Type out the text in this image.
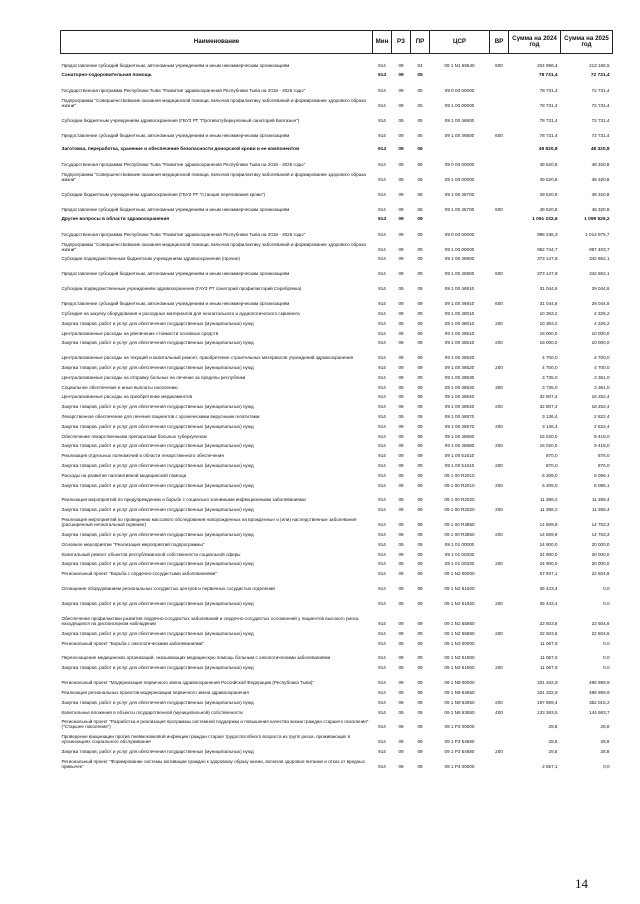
Наименование	Мин	РЗ	ПР	ЦСР	ВР	Сумма на 2024 год	Сумма на 2025 год
Предоставление субсидий бюджетным, автономным учреждениям и иным некоммерческим организациям	914	09	04	09 1 N1 55540	600	204 996,4	213 196,5
Санаторно-оздоровительная помощь	914	09	05			78 731,4	72 731,4
Государственная программа Республики Тыва "Развитие здравоохранения Республики Тыва на 2018 - 2025 годы"	914	09	05	09 0 00 00000		78 731,4	72 731,4
Подпрограмма "Совершенствование оказания медицинской помощи, включая профилактику заболеваний и формирование здорового образа жизни"	914	09	05	09 1 00 00000		78 731,4	72 731,4
Субсидии бюджетным учреждениям здравоохранения (ГБУЗ РТ "Противотуберкулезный санаторий Балгазын")	914	09	05	09 1 00 46600		78 731,4	72 731,4
Предоставление субсидий бюджетным, автономным учреждениям и иным некоммерческим организациям	914	09	05	09 1 00 46600	600	78 731,4	72 731,4
Заготовка, переработка, хранение и обеспечение безопасности донорской крови и ее компонентов	914	09	06			49 520,8	48 320,8
Государственная программа Республики Тыва "Развитие здравоохранения Республики Тыва на 2018 - 2025 годы"	914	09	06	09 0 00 00000		49 520,8	48 320,8
Подпрограмма "Совершенствование оказания медицинской помощи, включая профилактику заболеваний и формирование здорового образа жизни"	914	09	06	09 1 00 00000		49 520,8	48 320,8
Субсидии бюджетным учреждениям здравоохранения (ГБУЗ РТ "Станция переливания крови")	914	09	06	09 1 00 46700		49 520,8	48 320,8
Предоставление субсидий бюджетным, автономным учреждениям и иным некоммерческим организациям	914	09	06	09 1 00 46700	600	49 520,8	48 320,8
Другие вопросы в области здравоохранения	914	09	09			1 091 232,6	1 099 525,2
Государственная программа Республики Тыва "Развитие здравоохранения Республики Тыва на 2018 - 2025 годы"	914	09	09	09 0 00 00000		998 236,3	1 012 975,7
Подпрограмма "Совершенствование оказания медицинской помощи, включая профилактику заболеваний и формирование здорового образа жизни"	914	09	09	09 1 00 00000		952 744,7	997 403,7
Субсидии подведомственным бюджетным учреждениям здравоохранения (прочие)	914	09	09	09 1 00 46900		373 147,8	342 862,1
Предоставление субсидий бюджетным, автономным учреждениям и иным некоммерческим организациям	914	09	09	09 1 00 46900	600	373 147,8	342 862,1
Субсидии подведомственным учреждениям здравоохранения (ГАУЗ РТ санаторий профилакторий Серебрянка)	914	09	09	09 1 00 46910		31 044,6	29 044,6
Предоставление субсидий бюджетным, автономным учреждениям и иным некоммерческим организациям	914	09	09	09 1 00 46910	600	31 044,6	29 044,6
Субсидия на закупку оборудования и расходных материалов для неонатального и аудиологического скрининга	914	09	09	09 1 00 48010		10 363,2	4 326,2
Закупка товаров, работ и услуг для обеспечения государственных (муниципальных) нужд	914	09	09	09 1 00 48010	200	10 363,2	4 326,2
Централизованные расходы на увеличение стоимости основных средств	914	09	09	09 1 00 48510		16 000,0	10 000,0
Закупка товаров, работ и услуг для обеспечения государственных (муниципальных) нужд	914	09	09	09 1 00 48510	200	16 000,0	10 000,0
Централизованные расходы на текущий и капитальный ремонт, приобретение строительных материалов учреждений здравоохранения	914	09	09	09 1 00 48520		4 700,0	4 700,0
Закупка товаров, работ и услуг для обеспечения государственных (муниципальных) нужд	914	09	09	09 1 00 48520	200	4 700,0	4 700,0
Централизованные расходы на отправку больных на лечение за пределы республики	914	09	09	09 1 00 48530		3 735,0	3 361,0
Социальное обеспечение и иные выплаты населению	914	09	09	09 1 00 48530	300	3 735,0	3 361,0
Централизованные расходы на приобретение медикаментов	914	09	09	09 1 00 48540		32 807,4	18 252,4
Закупка товаров, работ и услуг для обеспечения государственных (муниципальных) нужд	914	09	09	09 1 00 48540	200	32 807,4	18 252,4
Лекарственное обеспечение для лечения пациентов с хроническими вирусными гепатитами	914	09	09	09 1 00 48570		3 136,4	2 822,4
Закупка товаров, работ и услуг для обеспечения государственных (муниципальных) нужд	914	09	09	09 1 00 48570	200	3 136,4	2 822,4
Обеспечение лекарственными препаратами больных туберкулезом	914	09	09	09 1 00 48580		16 020,0	9 418,0
Закупка товаров, работ и услуг для обеспечения государственных (муниципальных) нужд	914	09	09	09 1 00 48580	200	16 020,0	9 418,0
Реализация отдельных полномочий в области лекарственного обеспечения	914	09	09	09 1 00 51610		870,0	876,0
Закупка товаров, работ и услуг для обеспечения государственных (муниципальных) нужд	914	09	09	09 1 00 51610	200	870,0	876,0
Расходы на развитие паллиативной медицинской помощи	914	09	09	09 1 00 R2010		6 209,0	6 096,1
Закупка товаров, работ и услуг для обеспечения государственных (муниципальных) нужд	914	09	09	09 1 00 R2010	200	6 209,0	6 096,1
Реализация мероприятий по предупреждению и борьбе с социально значимыми инфекционными заболеваниями	914	09	09	09 1 00 R2020		11 368,2	11 358,4
Закупка товаров, работ и услуг для обеспечения государственных (муниципальных) нужд	914	09	09	09 1 00 R2020	200	11 368,2	11 358,4
Реализация мероприятий по проведению массового обследования новорожденных на врожденные и (или) наследственные заболевания (расширенный неонатальный скрининг)	914	09	09	09 1 00 R3850		14 809,9	14 753,3
Закупка товаров, работ и услуг для обеспечения государственных (муниципальных) нужд	914	09	09	09 1 00 R3850	200	14 809,9	14 753,3
Основное мероприятие "Реализация мероприятий подпрограммы"	914	09	09	09 1 01 00000		24 900,0	20 000,0
Капитальный ремонт объектов республиканской собственности социальной сферы	914	09	09	09 1 01 00330		24 900,0	20 000,0
Закупка товаров, работ и услуг для обеспечения государственных (муниципальных) нужд	914	09	09	09 1 01 00330	200	24 900,0	20 000,0
Региональный проект "Борьба с сердечно-сосудистыми заболеваниями"	914	09	09	09 1 N2 00000		57 947,1	22 504,6
Оснащение оборудованием региональных сосудистых центров и первичных сосудистых отделений	914	09	09	09 1 N2 51920		35 443,4	0,0
Закупка товаров, работ и услуг для обеспечения государственных (муниципальных) нужд	914	09	09	09 1 N2 51920	200	35 443,4	0,0
Обеспечение профилактики развития сердечно-сосудистых заболеваний и сердечно-сосудистых осложнений у пациентов высокого риска, находящихся на диспансерном наблюдении	914	09	09	09 1 N2 55860		22 503,6	22 504,6
Закупка товаров, работ и услуг для обеспечения государственных (муниципальных) нужд	914	09	09	09 1 N2 55860	200	22 503,6	22 504,6
Региональный проект "Борьба с онкологическими заболеваниями"	914	09	09	09 1 N3 00000		11 067,5	0,0
Переоснащение медицинских организаций, оказывающих медицинскую помощь больным с онкологическими заболеваниями	914	09	09	09 1 N3 51900		11 067,5	0,0
Закупка товаров, работ и услуг для обеспечения государственных (муниципальных) нужд	914	09	09	09 1 N3 51900	200	11 067,5	0,0
Региональный проект "Модернизация первичного звена здравоохранения Российской Федерации (Республика Тыва)"	914	09	09	09 1 N9 00000		331 332,9	496 999,9
Реализация региональных проектов модернизации первичного звена здравоохранения	914	09	09	09 1 N9 53650		331 332,9	496 999,9
Закупка товаров, работ и услуг для обеспечения государственных (муниципальных) нужд	914	09	09	09 1 N9 53650	200	197 969,4	352 016,2
Капитальные вложения в объекты государственной (муниципальной) собственности	914	09	09	09 1 N9 53650	400	133 363,5	144 983,7
Региональный проект "Разработка и реализация программы системной поддержки и повышения качества жизни граждан старшего поколения" ("Старшее поколение")	914	09	09	09 1 P3 00000		28,8	28,8
Проведение вакцинации против пневмококковой инфекции граждан старше трудоспособного возраста из групп риска, проживающих в организациях социального обслуживания	914	09	09	09 1 P3 54680		28,8	28,8
Закупка товаров, работ и услуг для обеспечения государственных (муниципальных) нужд	914	09	09	09 1 P3 54680	200	28,8	28,8
Региональный проект "Формирование системы мотивации граждан к здоровому образу жизни, включая здоровое питание и отказ от вредных привычек"	914	09	09	09 1 P4 00000		2 657,1	0,0
14
